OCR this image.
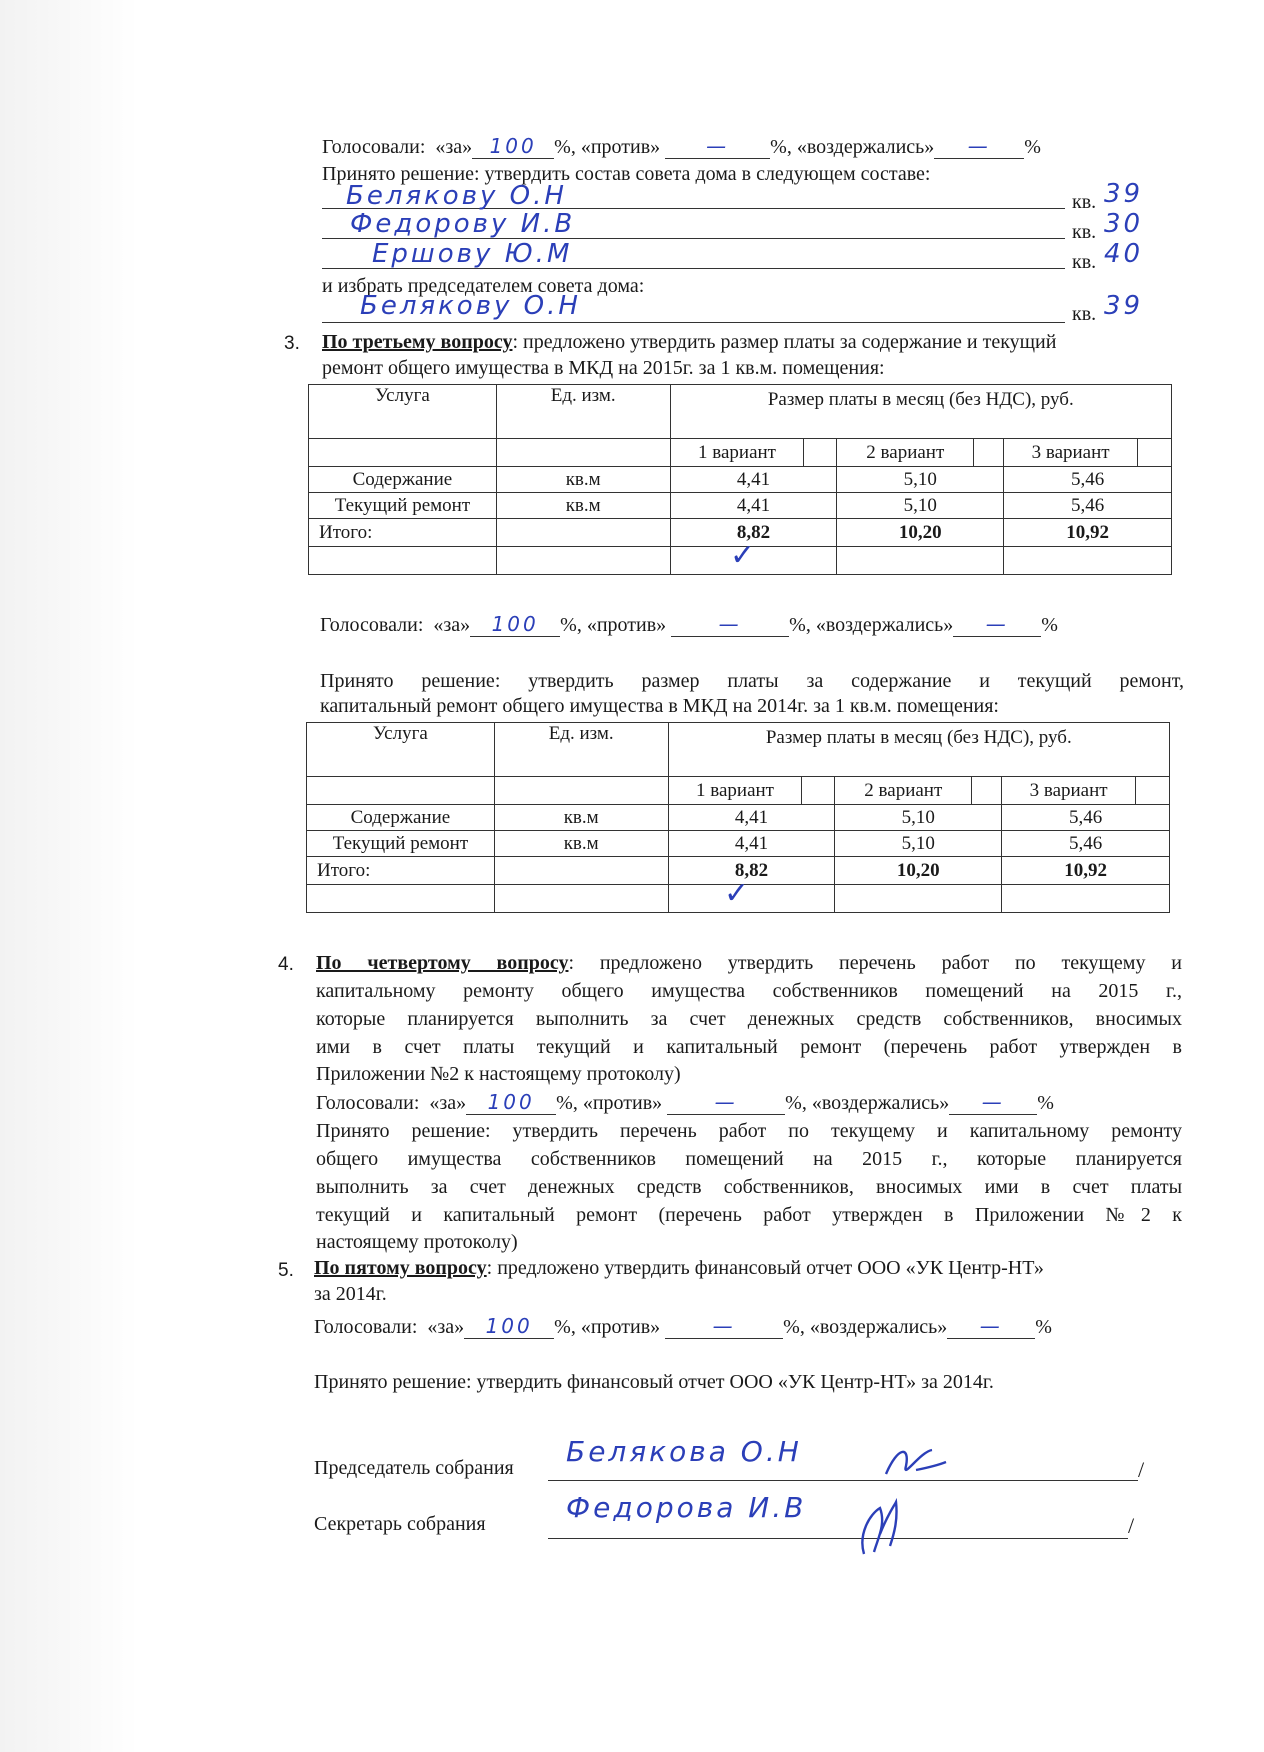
Голосовали: «за» 100 %, «против» — %, «воздержались» — %
Принято решение: утвердить состав совета дома в следующем составе:
Белякову О.Н	кв. 39
Федорову И.В	кв. 30
Ершову Ю.М	кв. 40
и избрать председателем совета дома:
Белякову О.Н	кв. 39
3. По третьему вопросу: предложено утвердить размер платы за содержание и текущий
ремонт общего имущества в МКД на 2015г. за 1 кв.м. помещения:
Услуга	Ед. изм.	Размер платы в месяц (без НДС), руб.					
		1 вариант		2 вариант		3 вариант	
Содержание	кв.м	4,41		5,10		5,46	
Текущий ремонт	кв.м	4,41		5,10		5,46	
Итого:		8,82		10,20		10,92	

✓
Голосовали: «за» 100 %, «против»	— %, «воздержались» — %
Принято решение: утвердить размер платы за содержание и текущий ремонт,
капитальный ремонт общего имущества в МКД на 2014г. за 1 кв.м. помещения:
Услуга	Ед. изм.	Размер платы в месяц (без НДС), руб.					
		1 вариант		2 вариант		3 вариант	
Содержание	кв.м	4,41		5,10		5,46	
Текущий ремонт	кв.м	4,41		5,10		5,46	
Итого:		8,82		10,20		10,92	

✓
4. По четвертому вопросу: предложено утвердить перечень работ по текущему и
капитальному ремонту общего имущества собственников помещений на 2015 г.,
которые планируется выполнить за счет денежных средств собственников, вносимых
ими в счет платы текущий и капитальный ремонт (перечень работ утвержден в
Приложении №2 к настоящему протоколу)
Голосовали: «за» 100 %, «против»	— %, «воздержались» — %
Принято решение: утвердить перечень работ по текущему и капитальному ремонту
общего имущества собственников помещений на 2015 г., которые планируется
выполнить за счет денежных средств собственников, вносимых ими в счет платы
текущий и капитальный ремонт (перечень работ утвержден в Приложении №2 к
настоящему протоколу)
5. По пятому вопросу: предложено утвердить финансовый отчет ООО «УК Центр-НТ»
за 2014г.
Голосовали: «за» 100 %, «против»	— %, «воздержались» — %
Принято решение: утвердить финансовый отчет ООО «УК Центр-НТ» за 2014г.
Председатель собрания Белякова О.Н
/
Секретарь собрания	Федорова И.В
/
